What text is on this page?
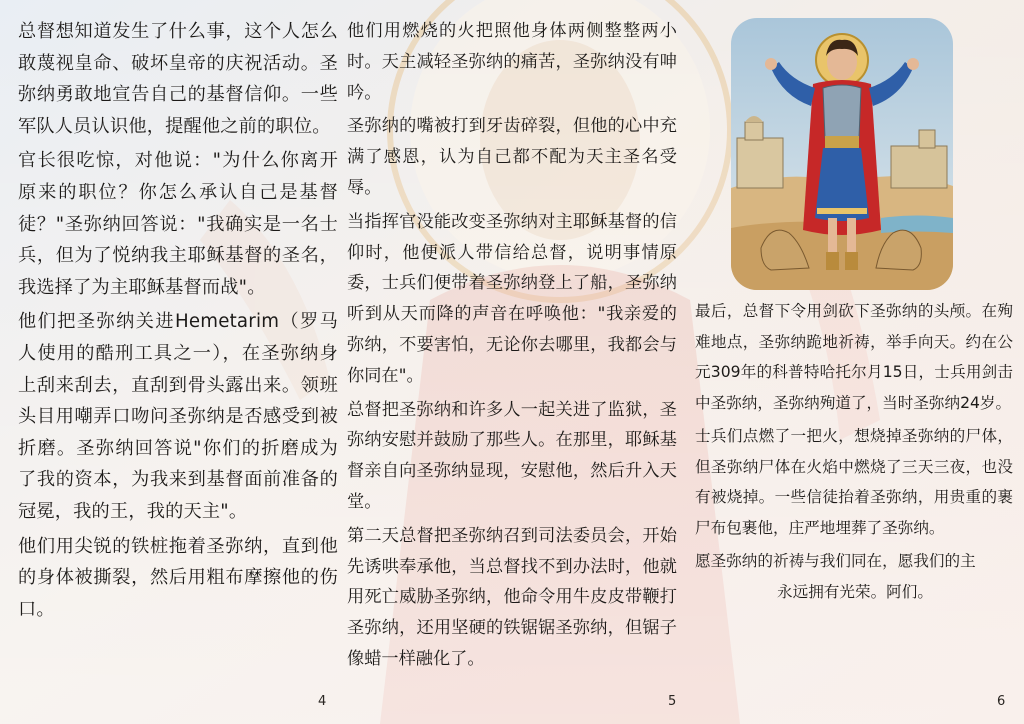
总督想知道发生了什么事，这个人怎么敢蔑视皇命、破坏皇帝的庆祝活动。圣弥纳勇敢地宣告自己的基督信仰。一些军队人员认识他，提醒他之前的职位。

官长很吃惊，对他说："为什么你离开原来的职位？你怎么承认自己是基督徒？"圣弥纳回答说："我确实是一名士兵，但为了悦纳我主耶稣基督的圣名，我选择了为主耶稣基督而战"。

他们把圣弥纳关进Hemetarim（罗马人使用的酷刑工具之一），在圣弥纳身上刮来刮去，直刮到骨头露出来。领班头目用嘲弄口吻问圣弥纳是否感受到被折磨。圣弥纳回答说"你们的折磨成为了我的资本，为我来到基督面前准备的冠冕，我的王，我的天主"。

他们用尖锐的铁桩拖着圣弥纳，直到他的身体被撕裂，然后用粗布摩擦他的伤口。

4

他们用燃烧的火把照他身体两侧整整两小时。天主减轻圣弥纳的痛苦，圣弥纳没有呻吟。

圣弥纳的嘴被打到牙齿碎裂，但他的心中充满了感恩，认为自己都不配为天主圣名受辱。

当指挥官没能改变圣弥纳对主耶稣基督的信仰时，他便派人带信给总督，说明事情原委，士兵们便带着圣弥纳登上了船，圣弥纳听到从天而降的声音在呼唤他："我亲爱的弥纳，不要害怕，无论你去哪里，我都会与你同在"。

总督把圣弥纳和许多人一起关进了监狱，圣弥纳安慰并鼓励了那些人。在那里，耶稣基督亲自向圣弥纳显现，安慰他，然后升入天堂。

第二天总督把圣弥纳召到司法委员会，开始先诱哄奉承他，当总督找不到办法时，他就用死亡威胁圣弥纳，他命令用牛皮皮带鞭打圣弥纳，还用坚硬的铁锯锯圣弥纳，但锯子像蜡一样融化了。

5

最后，总督下令用剑砍下圣弥纳的头颅。在殉难地点，圣弥纳跪地祈祷，举手向天。约在公元309年的科普特哈托尔月15日，士兵用剑击中圣弥纳，圣弥纳殉道了，当时圣弥纳24岁。

士兵们点燃了一把火，想烧掉圣弥纳的尸体，但圣弥纳尸体在火焰中燃烧了三天三夜，也没有被烧掉。一些信徒抬着圣弥纳，用贵重的裹尸布包裹他，庄严地埋葬了圣弥纳。

愿圣弥纳的祈祷与我们同在，愿我们的主
永远拥有光荣。阿们。

6
